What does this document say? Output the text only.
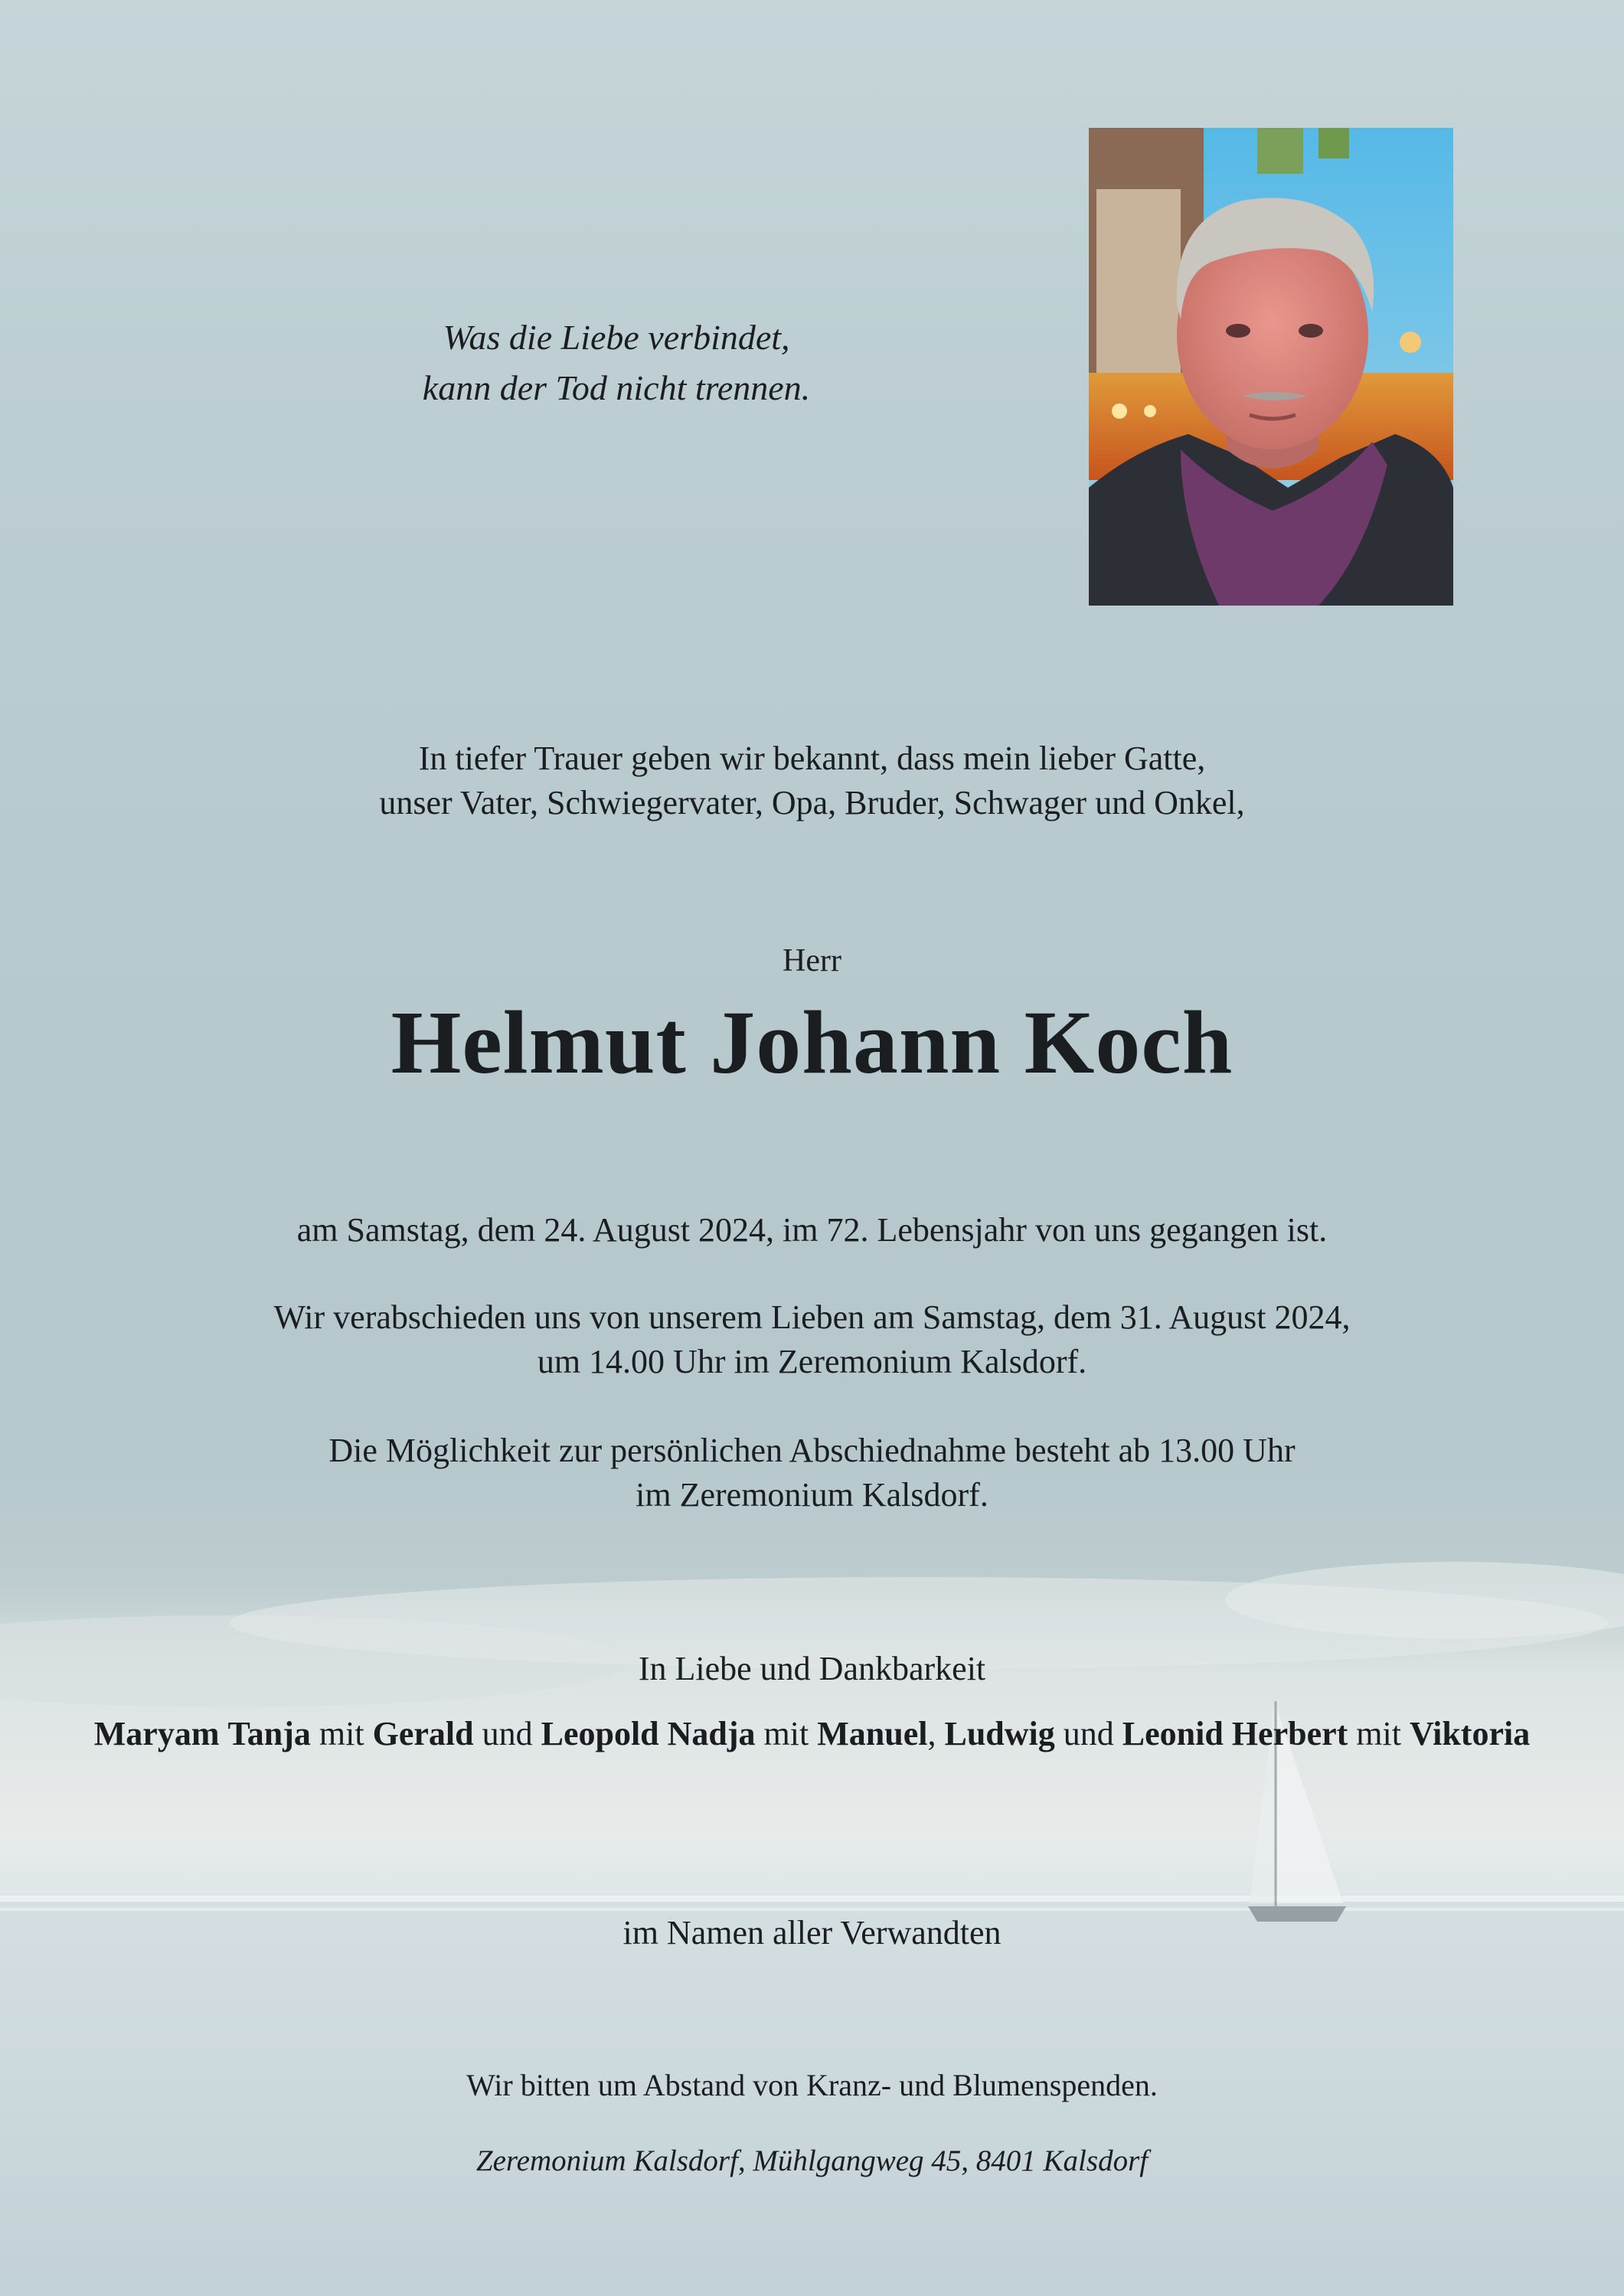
Was die Liebe verbindet,
kann der Tod nicht trennen.
In tiefer Trauer geben wir bekannt, dass mein lieber Gatte,
unser Vater, Schwiegervater, Opa, Bruder, Schwager und Onkel,
Herr
Helmut Johann Koch
am Samstag, dem 24. August 2024, im 72. Lebensjahr von uns gegangen ist.
Wir verabschieden uns von unserem Lieben am Samstag, dem 31. August 2024,
um 14.00 Uhr im Zeremonium Kalsdorf.
Die Möglichkeit zur persönlichen Abschiednahme besteht ab 13.00 Uhr
im Zeremonium Kalsdorf.
In Liebe und Dankbarkeit
Maryam Tanja mit Gerald und Leopold Nadja mit Manuel, Ludwig und Leonid Herbert mit Viktoria
im Namen aller Verwandten
Wir bitten um Abstand von Kranz- und Blumenspenden.
Zeremonium Kalsdorf, Mühlgangweg 45, 8401 Kalsdorf
